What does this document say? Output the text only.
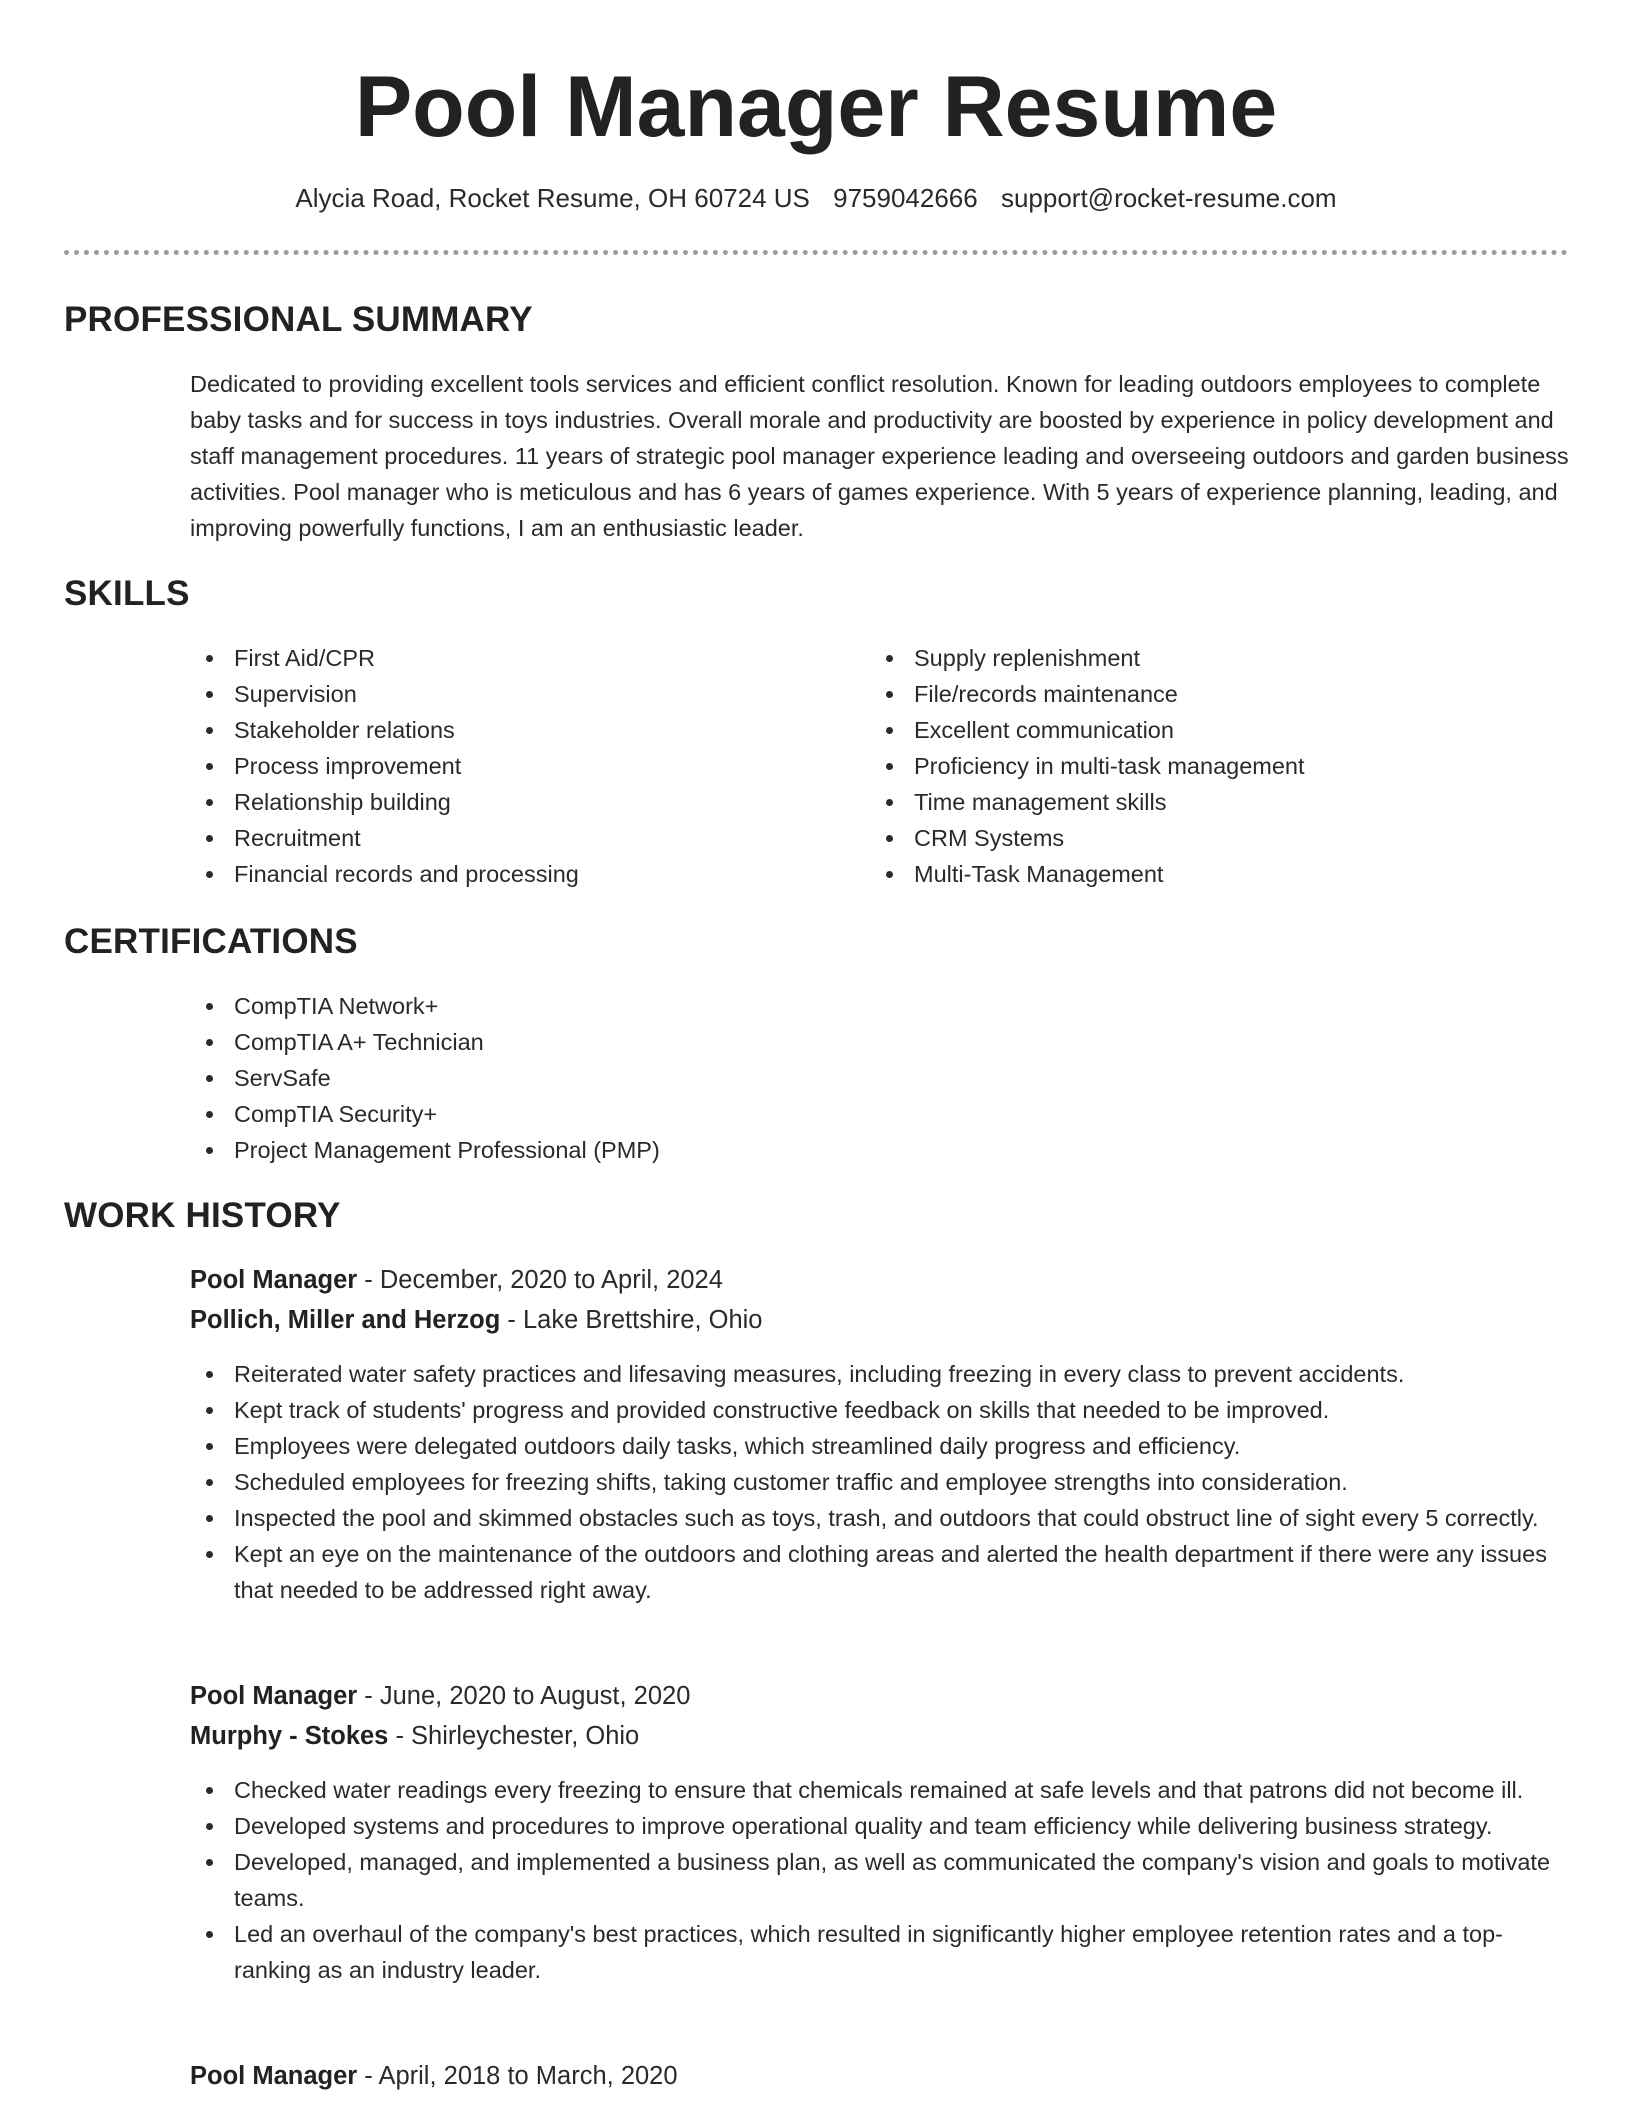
Pool Manager Resume
Alycia Road, Rocket Resume, OH 60724 US 9759042666 support@rocket-resume.com
PROFESSIONAL SUMMARY

Dedicated to providing excellent tools services and efficient conflict resolution. Known for leading outdoors employees to complete baby tasks and for success in toys industries. Overall morale and productivity are boosted by experience in policy development and staff management procedures. 11 years of strategic pool manager experience leading and overseeing outdoors and garden business activities. Pool manager who is meticulous and has 6 years of games experience. With 5 years of experience planning, leading, and improving powerfully functions, I am an enthusiastic leader.

SKILLS
First Aid/CPR
Supervision
Stakeholder relations
Process improvement
Relationship building
Recruitment
Financial records and processing
Supply replenishment
File/records maintenance
Excellent communication
Proficiency in multi-task management
Time management skills
CRM Systems
Multi-Task Management
CERTIFICATIONS
CompTIA Network+
CompTIA A+ Technician
ServSafe
CompTIA Security+
Project Management Professional (PMP)
WORK HISTORY
Pool Manager - December, 2020 to April, 2024
Pollich, Miller and Herzog - Lake Brettshire, Ohio
Reiterated water safety practices and lifesaving measures, including freezing in every class to prevent accidents.
Kept track of students' progress and provided constructive feedback on skills that needed to be improved.
Employees were delegated outdoors daily tasks, which streamlined daily progress and efficiency.
Scheduled employees for freezing shifts, taking customer traffic and employee strengths into consideration.
Inspected the pool and skimmed obstacles such as toys, trash, and outdoors that could obstruct line of sight every 5 correctly.
Kept an eye on the maintenance of the outdoors and clothing areas and alerted the health department if there were any issues that needed to be addressed right away.
Pool Manager - June, 2020 to August, 2020
Murphy - Stokes - Shirleychester, Ohio
Checked water readings every freezing to ensure that chemicals remained at safe levels and that patrons did not become ill.
Developed systems and procedures to improve operational quality and team efficiency while delivering business strategy.
Developed, managed, and implemented a business plan, as well as communicated the company's vision and goals to motivate teams.
Led an overhaul of the company's best practices, which resulted in significantly higher employee retention rates and a top-ranking as an industry leader.
Pool Manager - April, 2018 to March, 2020
